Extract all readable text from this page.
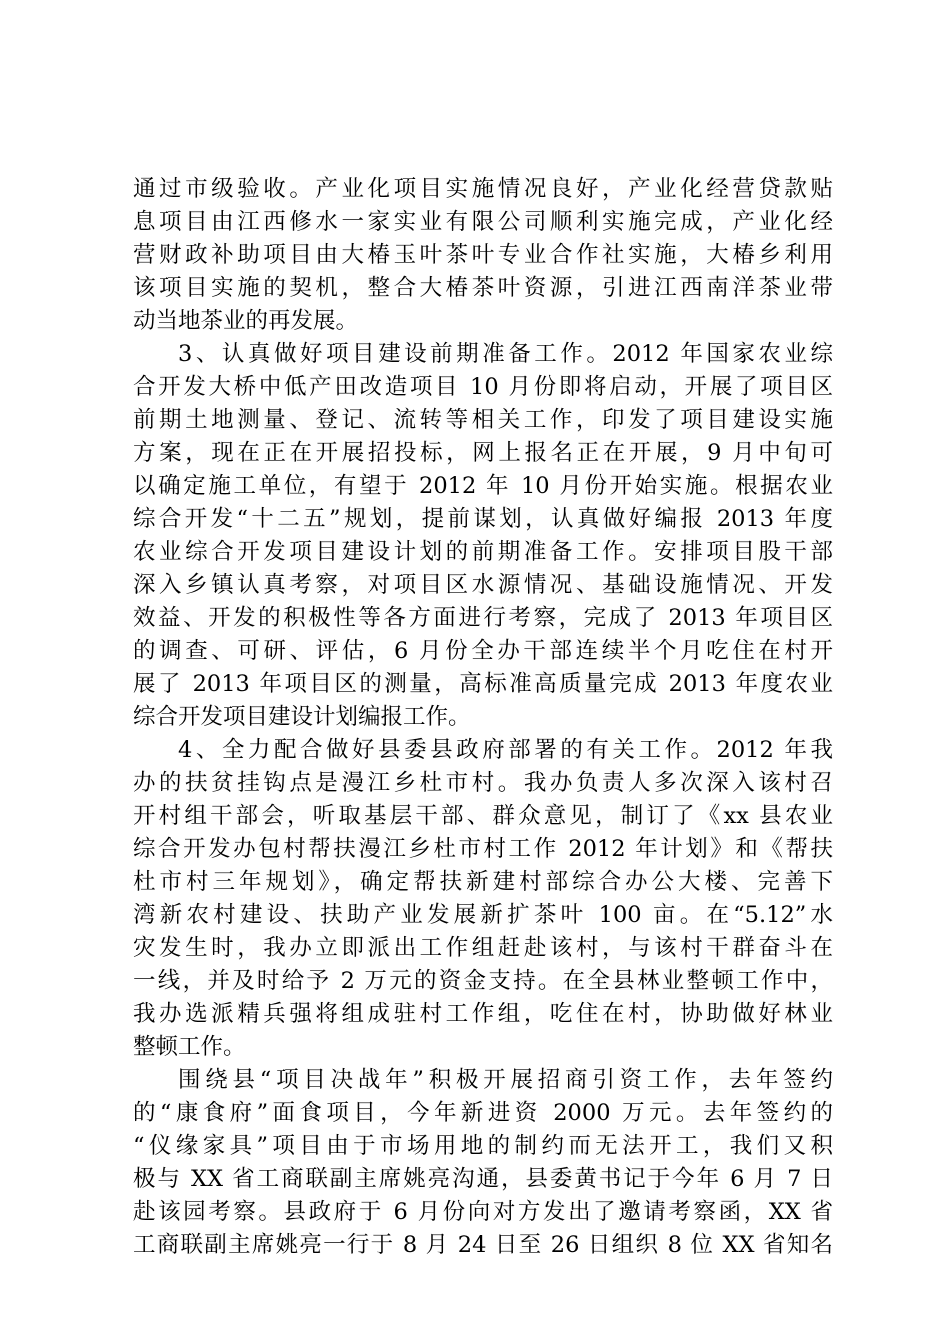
通过市级验收。产业化项目实施情况良好，产业化经营贷款贴
息项目由江西修水一家实业有限公司顺利实施完成，产业化经
营财政补助项目由大椿玉叶茶叶专业合作社实施，大椿乡利用
该项目实施的契机，整合大椿茶叶资源，引进江西南洋茶业带
动当地茶业的再发展。
3、认真做好项目建设前期准备工作。2012 年国家农业综
合开发大桥中低产田改造项目 10 月份即将启动，开展了项目区
前期土地测量、登记、流转等相关工作，印发了项目建设实施
方案，现在正在开展招投标，网上报名正在开展，9 月中旬可
以确定施工单位，有望于 2012 年 10 月份开始实施。根据农业
综合开发“十二五”规划，提前谋划，认真做好编报 2013 年度
农业综合开发项目建设计划的前期准备工作。安排项目股干部
深入乡镇认真考察，对项目区水源情况、基础设施情况、开发
效益、开发的积极性等各方面进行考察，完成了 2013 年项目区
的调查、可研、评估，6 月份全办干部连续半个月吃住在村开
展了 2013 年项目区的测量，高标准高质量完成 2013 年度农业
综合开发项目建设计划编报工作。
4、全力配合做好县委县政府部署的有关工作。2012 年我
办的扶贫挂钩点是漫江乡杜市村。我办负责人多次深入该村召
开村组干部会，听取基层干部、群众意见，制订了《xx 县农业
综合开发办包村帮扶漫江乡杜市村工作 2012 年计划》和《帮扶
杜市村三年规划》，确定帮扶新建村部综合办公大楼、完善下
湾新农村建设、扶助产业发展新扩茶叶 100 亩。在“5.12”水
灾发生时，我办立即派出工作组赶赴该村，与该村干群奋斗在
一线，并及时给予 2 万元的资金支持。在全县林业整顿工作中，
我办选派精兵强将组成驻村工作组，吃住在村，协助做好林业
整顿工作。
围绕县“项目决战年”积极开展招商引资工作，去年签约
的“康食府”面食项目，今年新进资 2000 万元。去年签约的
“仪缘家具”项目由于市场用地的制约而无法开工，我们又积
极与 XX 省工商联副主席姚亮沟通，县委黄书记于今年 6 月 7 日
赴该园考察。县政府于 6 月份向对方发出了邀请考察函，XX 省
工商联副主席姚亮一行于 8 月 24 日至 26 日组织 8 位 XX 省知名
